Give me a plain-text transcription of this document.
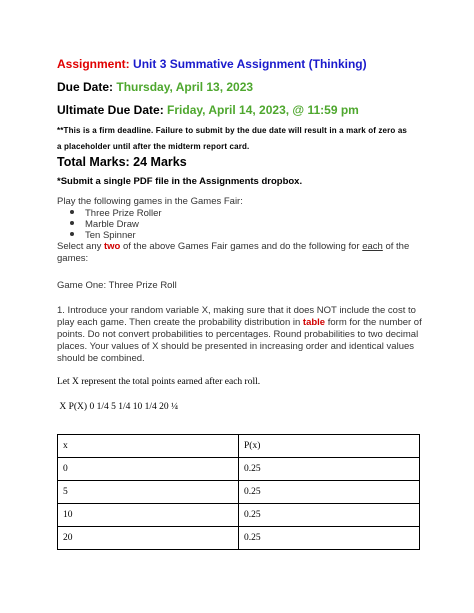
Assignment: Unit 3 Summative Assignment (Thinking)
Due Date: Thursday, April 13, 2023
Ultimate Due Date: Friday, April 14, 2023, @ 11:59 pm
**This is a firm deadline. Failure to submit by the due date will result in a mark of zero as
a placeholder until after the midterm report card.
Total Marks: 24 Marks
*Submit a single PDF file in the Assignments dropbox.
Play the following games in the Games Fair:
Three Prize Roller
Marble Draw
Ten Spinner
Select any two of the above Games Fair games and do the following for each of the
games:
Game One: Three Prize Roll
1. Introduce your random variable X, making sure that it does NOT include the cost to
play each game. Then create the probability distribution in table form for the number of
points. Do not convert probabilities to percentages. Round probabilities to two decimal
places. Your values of X should be presented in increasing order and identical values
should be combined.
Let X represent the total points earned after each roll.
X P(X) 0 1/4 5 1/4 10 1/4 20 ¼
x	P(x)
0	0.25
5	0.25
10	0.25
20	0.25
